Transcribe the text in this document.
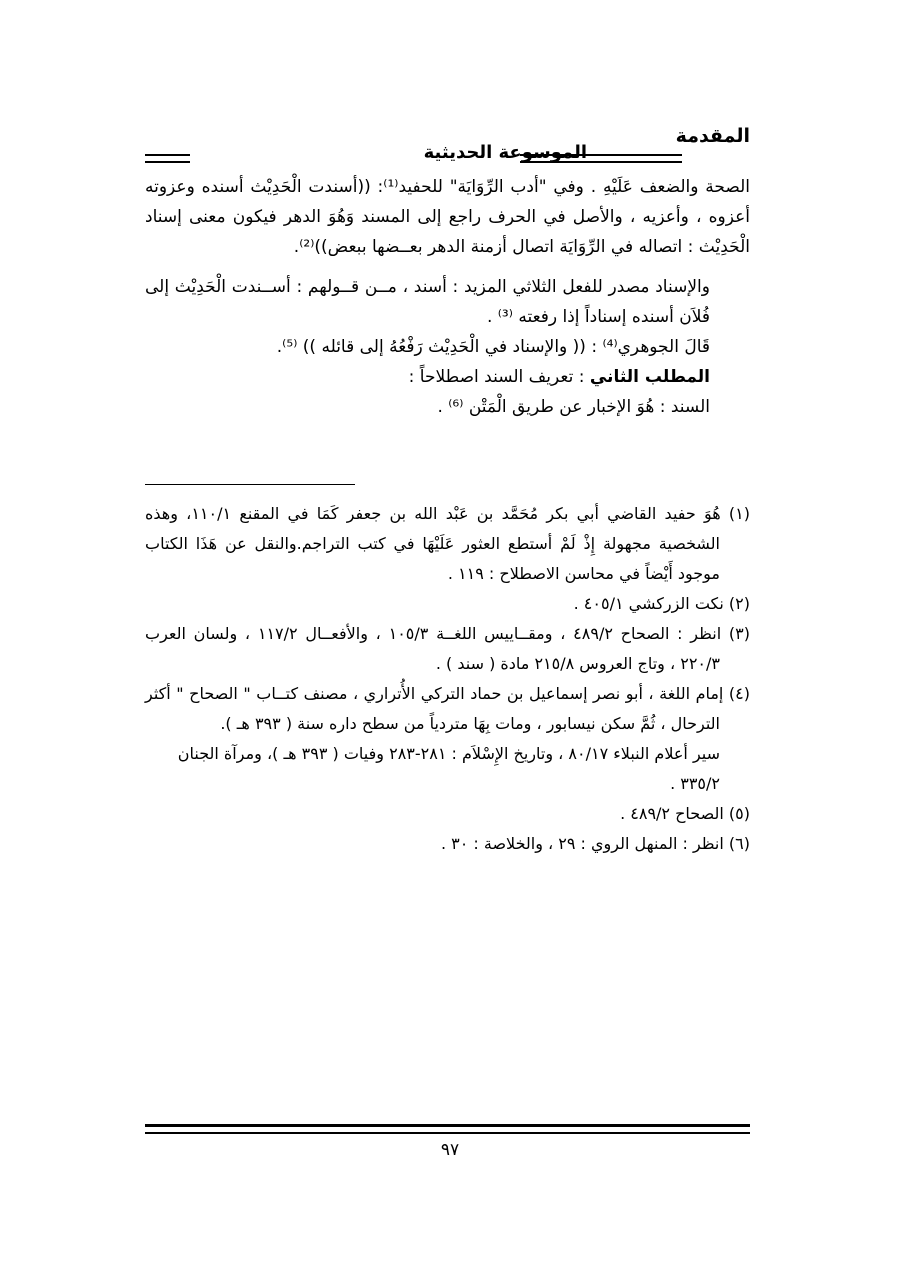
المقدمة
الموسوعة الحديثية

الصحة والضعف عَلَيْهِ . وفي "أدب الرِّوَايَة" للحفيد⁽¹⁾: ((أسندت الْحَدِيْث أسنده وعزوته أعزوه ، وأعزيه ، والأصل في الحرف راجع إلى المسند وَهُوَ الدهر فيكون معنى إسناد الْحَدِيْث : اتصاله في الرِّوَايَة اتصال أزمنة الدهر بعــضها ببعض))⁽²⁾.

والإسناد مصدر للفعل الثلاثي المزيد : أسند ، مــن قــولهم : أســندت الْحَدِيْث إلى فُلاَن أسنده إسناداً إذا رفعته ⁽³⁾ .

قَالَ الجوهري⁽⁴⁾ : (( والإسناد في الْحَدِيْث رَفْعُهُ إلى قائله )) ⁽⁵⁾.

المطلب الثاني : تعريف السند اصطلاحاً :

السند : هُوَ الإخبار عن طريق الْمَتْن ⁽⁶⁾ .

(١) هُوَ حفيد القاضي أبي بكر مُحَمَّد بن عَبْد الله بن جعفر كَمَا في المقنع ١١٠/١، وهذه الشخصية مجهولة إِذْ لَمْ أستطع العثور عَلَيْهَا في كتب التراجم.والنقل عن هَذَا الكتاب موجود أَيْضاً في محاسن الاصطلاح : ١١٩ .

(٢) نكت الزركشي ٤٠٥/١ .

(٣) انظر : الصحاح ٤٨٩/٢ ، ومقــاييس اللغــة ١٠٥/٣ ، والأفعــال ١١٧/٢ ، ولسان العرب ٢٢٠/٣ ، وتاج العروس ٢١٥/٨ مادة ( سند ) .

(٤) إمام اللغة ، أبو نصر إسماعيل بن حماد التركي الأُتراري ، مصنف كتــاب " الصحاح " أكثر الترحال ، ثُمَّ سكن نيسابور ، ومات بِهَا متردياً من سطح داره سنة ( ٣٩٣ هـ ).

سير أعلام النبلاء ٨٠/١٧ ، وتاريخ الإِسْلاَم : ٢٨١-٢٨٣ وفيات ( ٣٩٣ هـ )، ومرآة الجنان ٣٣٥/٢ .

(٥) الصحاح ٤٨٩/٢ .

(٦) انظر : المنهل الروي : ٢٩ ، والخلاصة : ٣٠ .

٩٧
